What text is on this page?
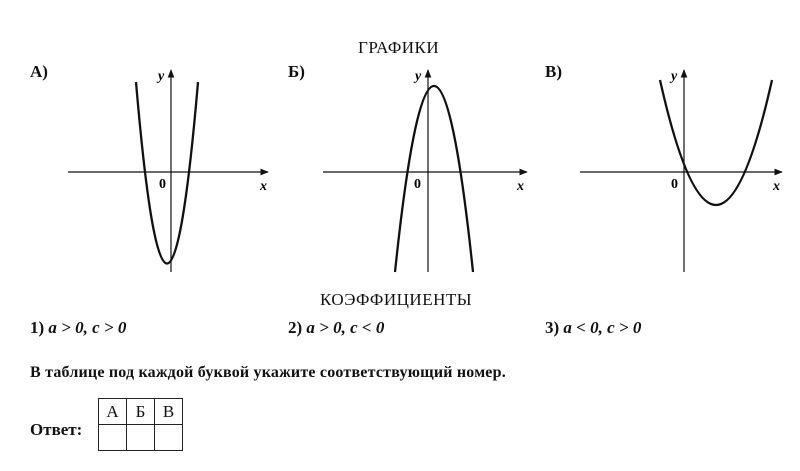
ГРАФИКИ
А)	Б)	В)
y
x
0
y
x
0
y
x
0
КОЭФФИЦИЕНТЫ
1) a > 0, c > 0	2) a > 0, c < 0	3) a < 0, c > 0
В таблице под каждой буквой укажите соответствующий номер.
Ответ:
А	Б	В
